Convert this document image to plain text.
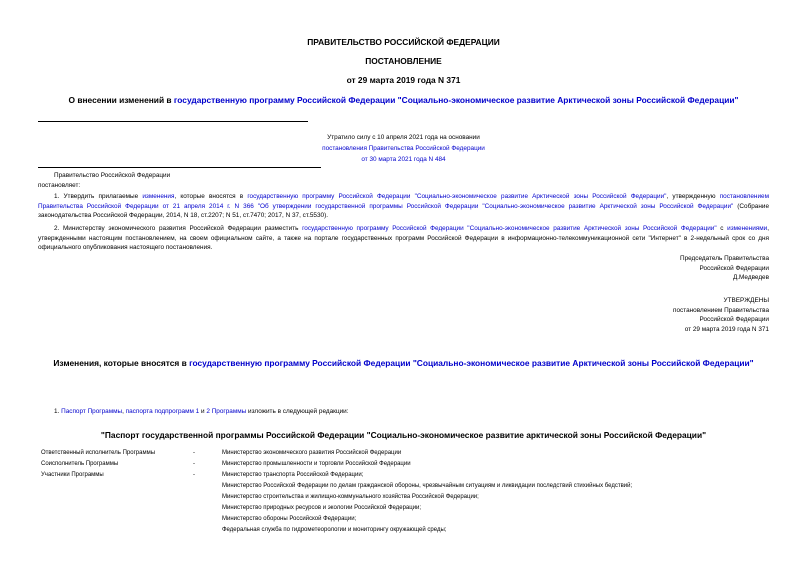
ПРАВИТЕЛЬСТВО РОССИЙСКОЙ ФЕДЕРАЦИИ
ПОСТАНОВЛЕНИЕ
от 29 марта 2019 года N 371
О внесении изменений в государственную программу Российской Федерации "Социально-экономическое развитие Арктической зоны Российской Федерации"
Утратило силу с 10 апреля 2021 года на основании
постановления Правительства Российской Федерации
от 30 марта 2021 года N 484
Правительство Российской Федерации
постановляет:
1. Утвердить прилагаемые изменения, которые вносятся в государственную программу Российской Федерации "Социально-экономическое развитие Арктической зоны Российской Федерации", утвержденную постановлением Правительства Российской Федерации от 21 апреля 2014 г. N 366 "Об утверждении государственной программы Российской Федерации "Социально-экономическое развитие Арктической зоны Российской Федерации" (Собрание законодательства Российской Федерации, 2014, N 18, ст.2207; N 51, ст.7470; 2017, N 37, ст.5530).
2. Министерству экономического развития Российской Федерации разместить государственную программу Российской Федерации "Социально-экономическое развитие Арктической зоны Российской Федерации" с изменениями, утвержденными настоящим постановлением, на своем официальном сайте, а также на портале государственных программ Российской Федерации в информационно-телекоммуникационной сети "Интернет" в 2-недельный срок со дня официального опубликования настоящего постановления.
Председатель Правительства
Российской Федерации
Д.Медведев
УТВЕРЖДЕНЫ
постановлением Правительства
Российской Федерации
от 29 марта 2019 года N 371
Изменения, которые вносятся в государственную программу Российской Федерации "Социально-экономическое развитие Арктической зоны Российской Федерации"
1. Паспорт Программы, паспорта подпрограмм 1 и 2 Программы изложить в следующей редакции:
"Паспорт государственной программы Российской Федерации "Социально-экономическое развитие арктической зоны Российской Федерации"
Ответственный исполнитель Программы	-	Министерство экономического развития Российской Федерации
Соисполнитель Программы	-	Министерство промышленности и торговли Российской Федерации
Участники Программы	-	Министерство транспорта Российской Федерации;
Министерство Российской Федерации по делам гражданской обороны, чрезвычайным ситуациям и ликвидации последствий стихийных бедствий;
Министерство строительства и жилищно-коммунального хозяйства Российской Федерации;
Министерство природных ресурсов и экологии Российской Федерации;
Министерство обороны Российской Федерации;
Федеральная служба по гидрометеорологии и мониторингу окружающей среды;
